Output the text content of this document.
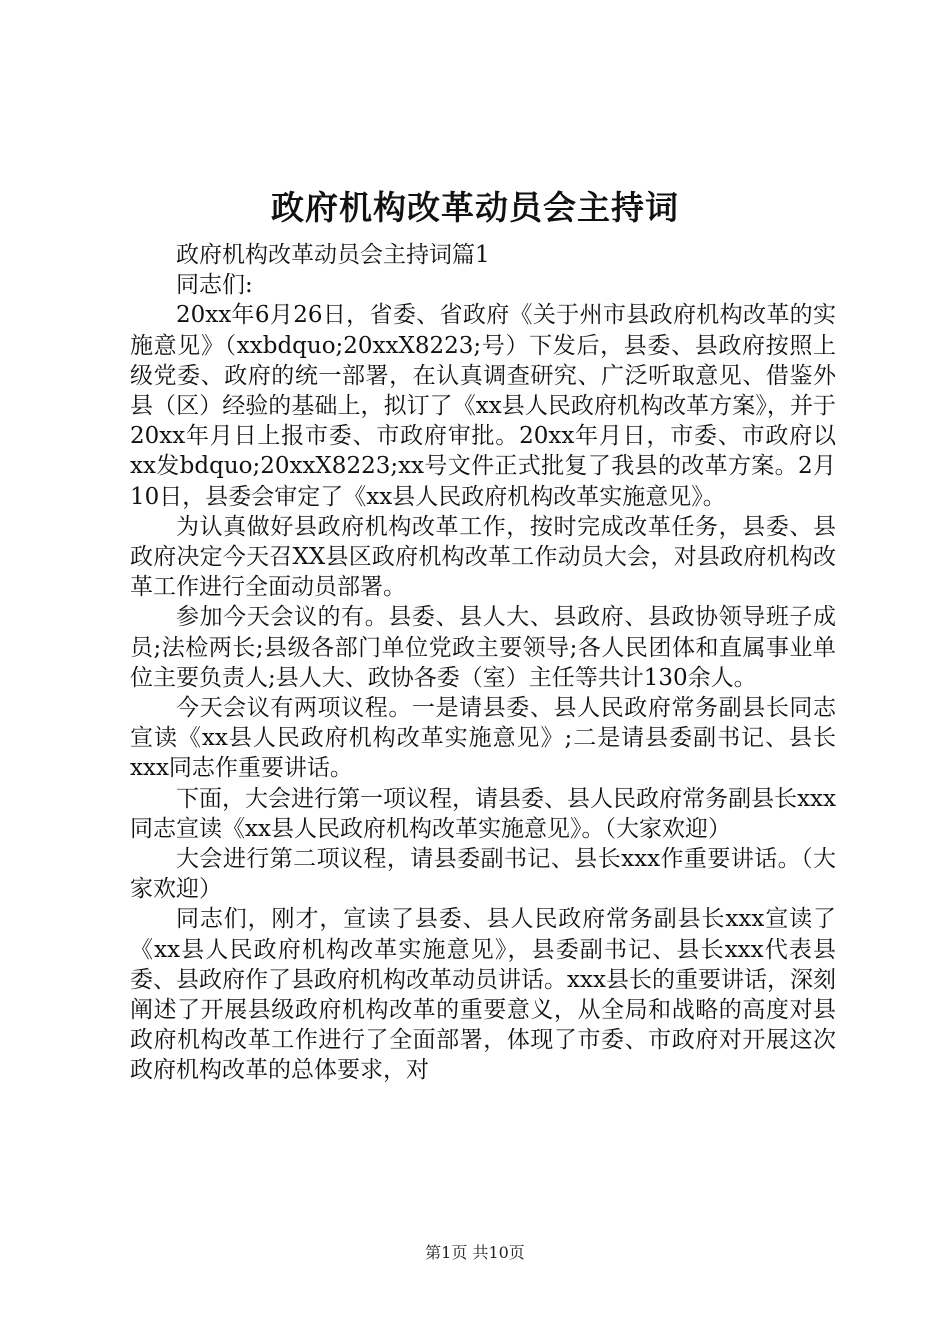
政府机构改革动员会主持词

政府机构改革动员会主持词篇1

同志们:

20xx年6月26日，省委、省政府《关于州市县政府机构改革的实施意见》（xxbdquo;20xxX8223;号）下发后，县委、县政府按照上级党委、政府的统一部署，在认真调查研究、广泛听取意见、借鉴外县（区）经验的基础上，拟订了《xx县人民政府机构改革方案》，并于20xx年月日上报市委、市政府审批。20xx年月日，市委、市政府以xx发bdquo;20xxX8223;xx号文件正式批复了我县的改革方案。2月10日，县委会审定了《xx县人民政府机构改革实施意见》。

为认真做好县政府机构改革工作，按时完成改革任务，县委、县政府决定今天召XX县区政府机构改革工作动员大会，对县政府机构改革工作进行全面动员部署。

参加今天会议的有。县委、县人大、县政府、县政协领导班子成员;法检两长;县级各部门单位党政主要领导;各人民团体和直属事业单位主要负责人;县人大、政协各委（室）主任等共计130余人。

今天会议有两项议程。一是请县委、县人民政府常务副县长同志宣读《xx县人民政府机构改革实施意见》;二是请县委副书记、县长xxx同志作重要讲话。

下面，大会进行第一项议程，请县委、县人民政府常务副县长xxx同志宣读《xx县人民政府机构改革实施意见》。（大家欢迎）

大会进行第二项议程，请县委副书记、县长xxx作重要讲话。（大家欢迎）

同志们，刚才，宣读了县委、县人民政府常务副县长xxx宣读了《xx县人民政府机构改革实施意见》，县委副书记、县长xxx代表县委、县政府作了县政府机构改革动员讲话。xxx县长的重要讲话，深刻阐述了开展县级政府机构改革的重要意义，从全局和战略的高度对县政府机构改革工作进行了全面部署，体现了市委、市政府对开展这次政府机构改革的总体要求，对

第1页 共10页
